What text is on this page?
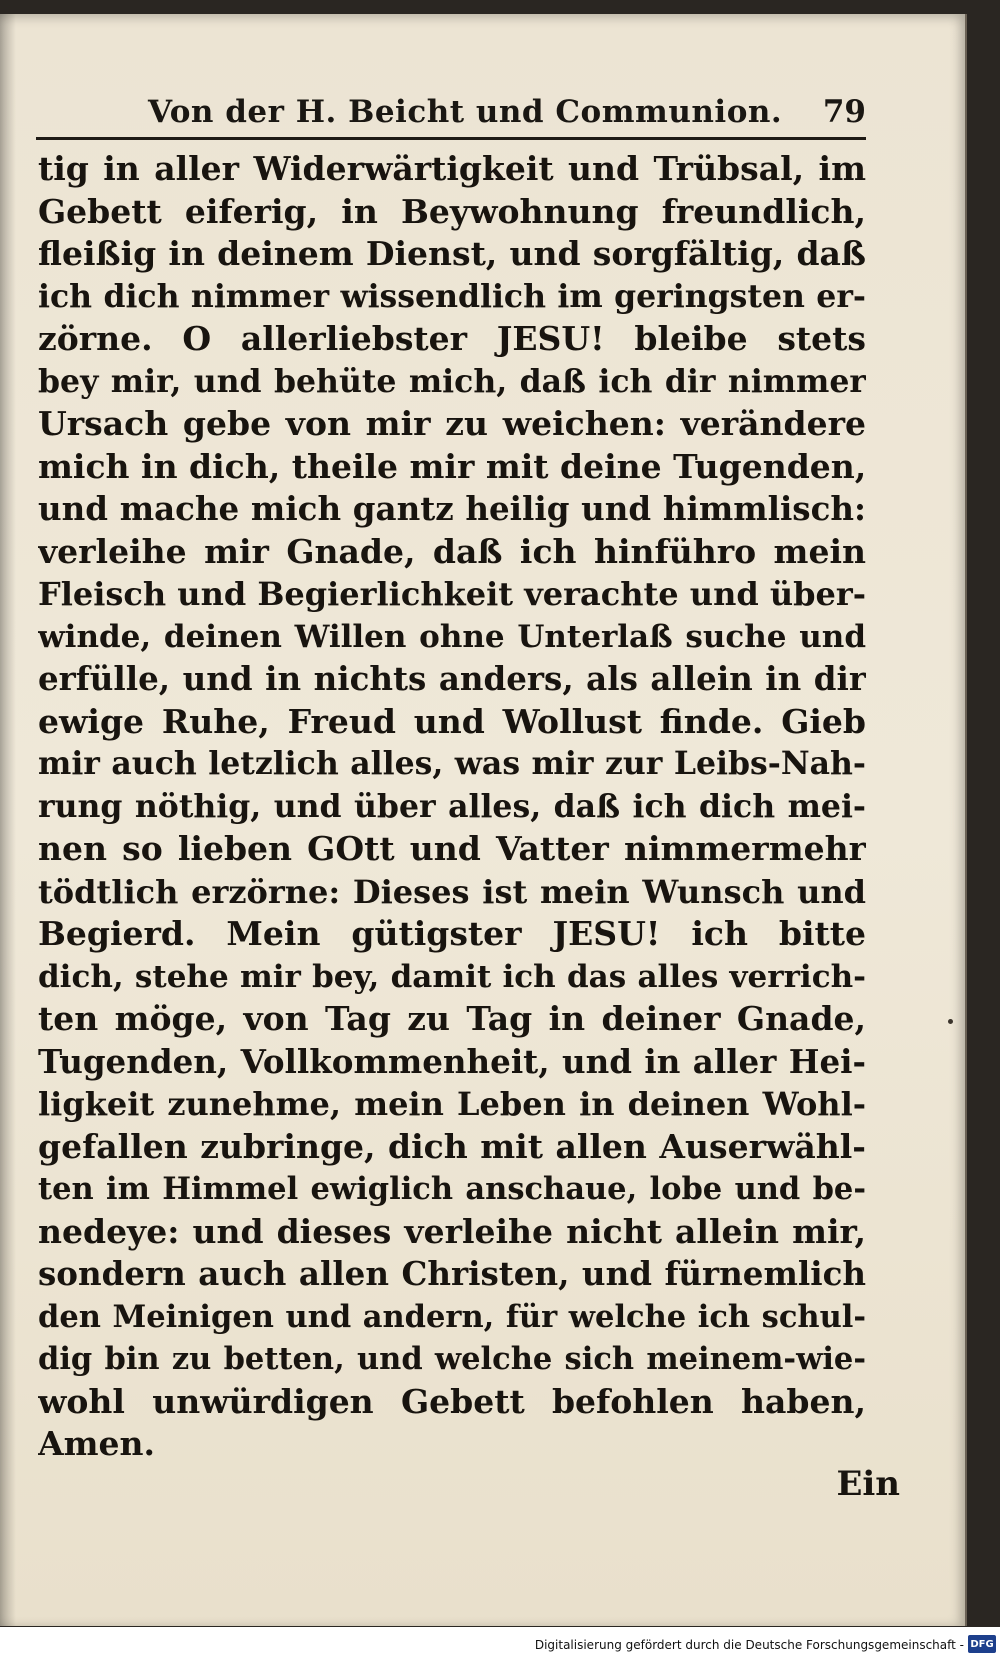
Von der H. Beicht und Communion. 79
tig in aller Widerwärtigkeit und Trübsal, im
Gebett eiferig, in Beywohnung freundlich,
fleißig in deinem Dienst, und sorgfältig, daß
ich dich nimmer wissendlich im geringsten er-
zörne. O allerliebster JESU! bleibe stets
bey mir, und behüte mich, daß ich dir nimmer
Ursach gebe von mir zu weichen: verändere
mich in dich, theile mir mit deine Tugenden,
und mache mich gantz heilig und himmlisch:
verleihe mir Gnade, daß ich hinführo mein
Fleisch und Begierlichkeit verachte und über-
winde, deinen Willen ohne Unterlaß suche und
erfülle, und in nichts anders, als allein in dir
ewige Ruhe, Freud und Wollust finde. Gieb
mir auch letzlich alles, was mir zur Leibs-Nah-
rung nöthig, und über alles, daß ich dich mei-
nen so lieben GOtt und Vatter nimmermehr
tödtlich erzörne: Dieses ist mein Wunsch und
Begierd. Mein gütigster JESU! ich bitte
dich, stehe mir bey, damit ich das alles verrich-
ten möge, von Tag zu Tag in deiner Gnade,
Tugenden, Vollkommenheit, und in aller Hei-
ligkeit zunehme, mein Leben in deinen Wohl-
gefallen zubringe, dich mit allen Auserwähl-
ten im Himmel ewiglich anschaue, lobe und be-
nedeye: und dieses verleihe nicht allein mir,
sondern auch allen Christen, und fürnemlich
den Meinigen und andern, für welche ich schul-
dig bin zu betten, und welche sich meinem-wie-
wohl unwürdigen Gebett befohlen haben,
Amen.
Ein
Digitalisierung gefördert durch die Deutsche Forschungsgemeinschaft - DFG
